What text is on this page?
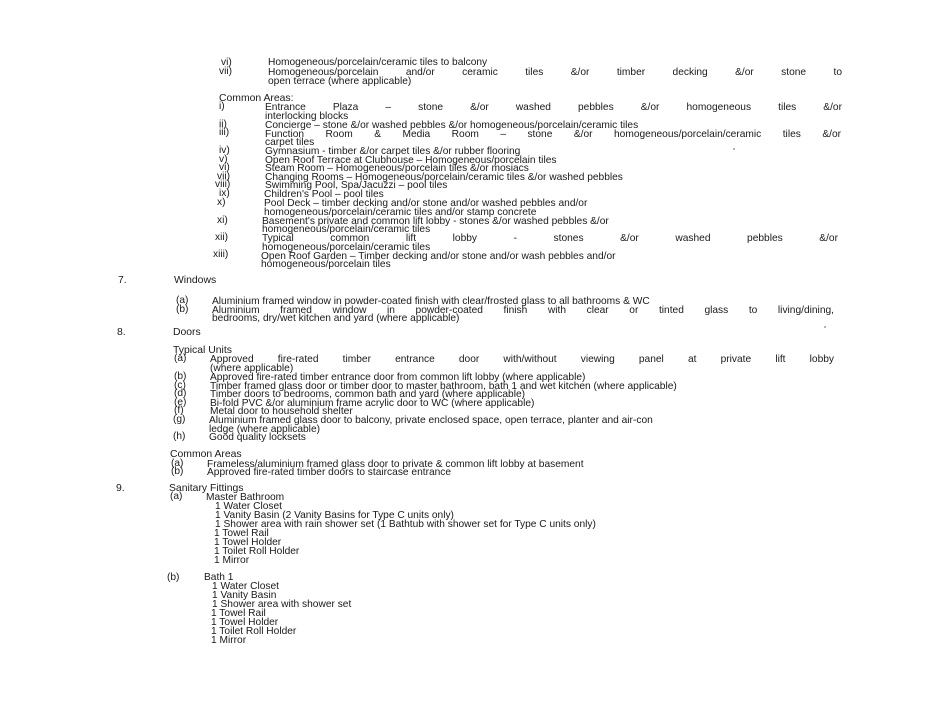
vi)	Homogeneous/porcelain/ceramic tiles to balcony
vii)	Homogeneous/porcelain and/or ceramic tiles &/or timber decking &/or stone to
open terrace (where applicable)
Common Areas:
i)	Entrance Plaza – stone &/or washed pebbles &/or homogeneous tiles &/or
interlocking blocks
ii)	Concierge – stone &/or washed pebbles &/or homogeneous/porcelain/ceramic tiles
iii)	Function Room & Media Room – stone &/or homogeneous/porcelain/ceramic tiles &/or
carpet tiles
iv)	Gymnasium - timber &/or carpet tiles &/or rubber flooring
v)	Open Roof Terrace at Clubhouse – Homogeneous/porcelain tiles
vi)	Steam Room – Homogeneous/porcelain tiles &/or mosiacs
vii)	Changing Rooms – Homogeneous/porcelain/ceramic tiles &/or washed pebbles
viii)	Swimming Pool, Spa/Jacuzzi – pool tiles
ix)	Children's Pool – pool tiles
x)	Pool Deck – timber decking and/or stone and/or washed pebbles and/or
homogeneous/porcelain/ceramic tiles and/or stamp concrete
xi)	Basement's private and common lift lobby - stones &/or washed pebbles &/or
homogeneous/porcelain/ceramic tiles
xii)	Typical common lift lobby - stones &/or washed pebbles &/or
homogeneous/porcelain/ceramic tiles
xiii)	Open Roof Garden – Timber decking and/or stone and/or wash pebbles and/or
homogeneous/porcelain tiles
7.	Windows
(a) Aluminium framed window in powder-coated finish with clear/frosted glass to all bathrooms & WC
(b) Aluminium framed window in powder-coated finish with clear or tinted glass to living/dining,
bedrooms, dry/wet kitchen and yard (where applicable)
8.	Doors
Typical Units
(a) Approved fire-rated timber entrance door with/without viewing panel at private lift lobby
(where applicable)
(b) Approved fire-rated timber entrance door from common lift lobby (where applicable)
(c) Timber framed glass door or timber door to master bathroom, bath 1 and wet kitchen (where applicable)
(d) Timber doors to bedrooms, common bath and yard (where applicable)
(e) Bi-fold PVC &/or aluminium frame acrylic door to WC (where applicable)
(f)	Metal door to household shelter
(g) Aluminium framed glass door to balcony, private enclosed space, open terrace, planter and air-con
ledge (where applicable)
(h) Good quality locksets
Common Areas
(a) Frameless/aluminium framed glass door to private & common lift lobby at basement
(b) Approved fire-rated timber doors to staircase entrance
9.	Sanitary Fittings
(a) Master Bathroom
1 Water Closet
1 Vanity Basin (2 Vanity Basins for Type C units only)
1 Shower area with rain shower set (1 Bathtub with shower set for Type C units only)
1 Towel Rail
1 Towel Holder
1 Toilet Roll Holder
1 Mirror
(b) Bath 1
1 Water Closet
1 Vanity Basin
1 Shower area with shower set
1 Towel Rail
1 Towel Holder
1 Toilet Roll Holder
1 Mirror
